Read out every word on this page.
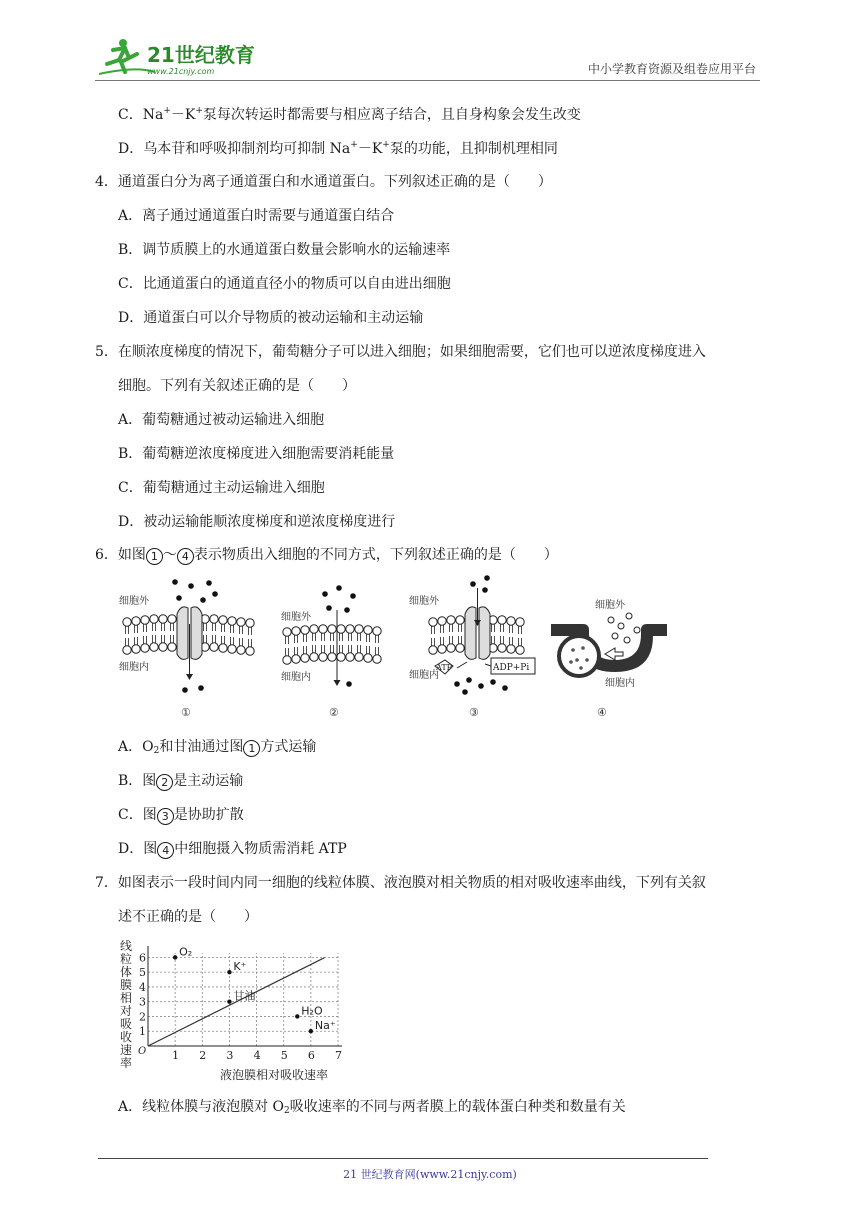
21世纪教育
www.21cnjy.com	中小学教育资源及组卷应用平台
C．Na+－K+泵每次转运时都需要与相应离子结合，且自身构象会发生改变
D．乌本苷和呼吸抑制剂均可抑制 Na+－K+泵的功能，且抑制机理相同
4．通道蛋白分为离子通道蛋白和水通道蛋白。下列叙述正确的是（　　）
A．离子通过通道蛋白时需要与通道蛋白结合
B．调节质膜上的水通道蛋白数量会影响水的运输速率
C．比通道蛋白的通道直径小的物质可以自由进出细胞
D．通道蛋白可以介导物质的被动运输和主动运输
5．在顺浓度梯度的情况下，葡萄糖分子可以进入细胞；如果细胞需要，它们也可以逆浓度梯度进入
细胞。下列有关叙述正确的是（　　）
A．葡萄糖通过被动运输进入细胞
B．葡萄糖逆浓度梯度进入细胞需要消耗能量
C．葡萄糖通过主动运输进入细胞
D．被动运输能顺浓度梯度和逆浓度梯度进行
6．如图 1 ～ 4 表示物质出入细胞的不同方式，下列叙述正确的是（　　）
细胞外
细胞内
①
细胞外
细胞内
②
细胞外
细胞内
ATP	ADP+Pi
③
细胞外
细胞内
④
A．$O_2$和甘油通过图 1 方式运输
B．图 2 是主动运输
C．图 3 是协助扩散
D．图 4 中细胞摄入物质需消耗 ATP
7．如图表示一段时间内同一细胞的线粒体膜、液泡膜对相关物质的相对吸收速率曲线，下列有关叙
述不正确的是（　　）
线
粒
体
膜
相
对
吸
收
速
率
1 2 3 4 5 6 7
1
2
3
4
5
6	O₂
K⁺
甘油
H₂O
Na⁺
液泡膜相对吸收速率
O
A．线粒体膜与液泡膜对 $O_2$吸收速率的不同与两者膜上的载体蛋白种类和数量有关
21 世纪教育网(www.21cnjy.com)
